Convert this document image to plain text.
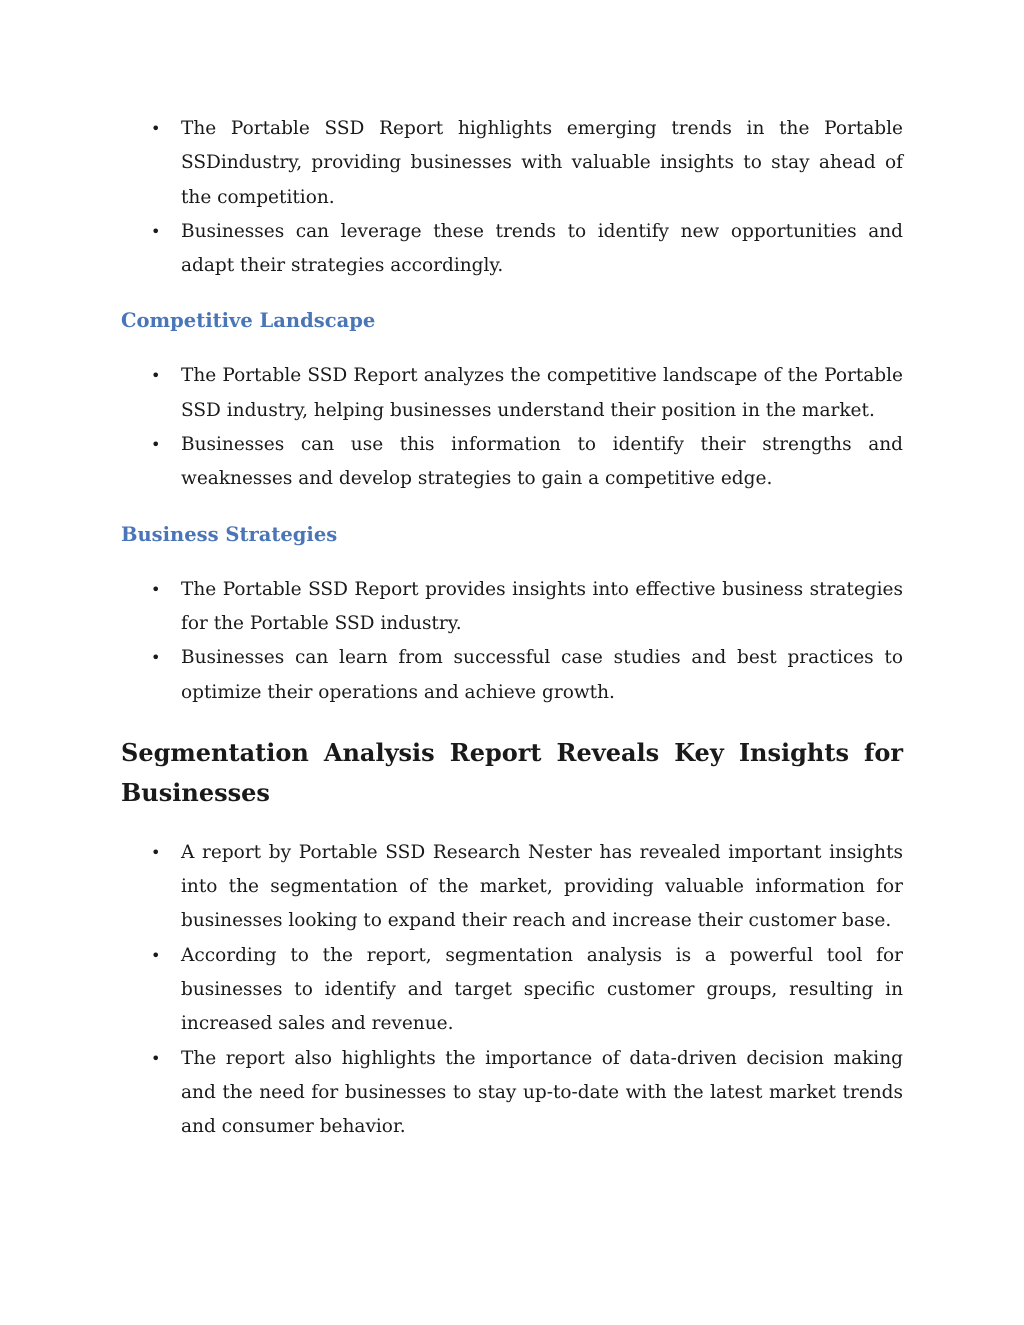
• The Portable SSD Report highlights emerging trends in the Portable SSDindustry, providing businesses with valuable insights to stay ahead of the competition.
• Businesses can leverage these trends to identify new opportunities and adapt their strategies accordingly.
Competitive Landscape
• The Portable SSD Report analyzes the competitive landscape of the Portable SSD industry, helping businesses understand their position in the market.
• Businesses can use this information to identify their strengths and weaknesses and develop strategies to gain a competitive edge.
Business Strategies
• The Portable SSD Report provides insights into effective business strategies for the Portable SSD industry.
• Businesses can learn from successful case studies and best practices to optimize their operations and achieve growth.
Segmentation Analysis Report Reveals Key Insights for Businesses
• A report by Portable SSD Research Nester has revealed important insights into the segmentation of the market, providing valuable information for businesses looking to expand their reach and increase their customer base.
• According to the report, segmentation analysis is a powerful tool for businesses to identify and target specific customer groups, resulting in increased sales and revenue.
• The report also highlights the importance of data-driven decision making and the need for businesses to stay up-to-date with the latest market trends and consumer behavior.
